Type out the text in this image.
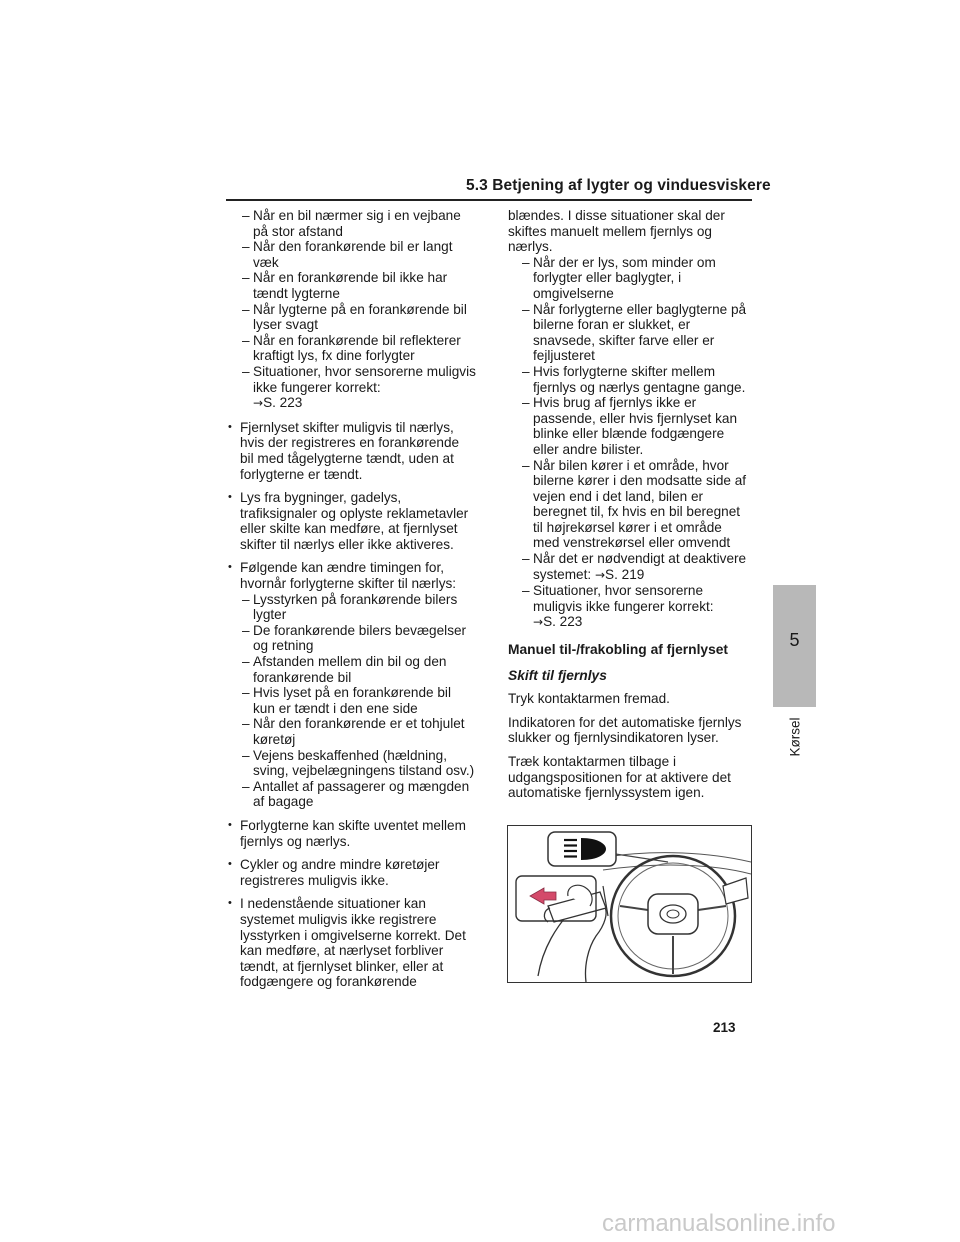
5.3 Betjening af lygter og vinduesviskere
– Når en bil nærmer sig i en vejbane på stor afstand
– Når den forankørende bil er langt væk
– Når en forankørende bil ikke har tændt lygterne
– Når lygterne på en forankørende bil lyser svagt
– Når en forankørende bil reflekterer kraftigt lys, fx dine forlygter
– Situationer, hvor sensorerne muligvis ikke fungerer korrekt:
→S. 223
• Fjernlyset skifter muligvis til nærlys, hvis der registreres en forankørende bil med tågelygterne tændt, uden at forlygterne er tændt.
• Lys fra bygninger, gadelys, trafiksignaler og oplyste reklametavler eller skilte kan medføre, at fjernlyset skifter til nærlys eller ikke aktiveres.
• Følgende kan ændre timingen for, hvornår forlygterne skifter til nærlys:
– Lysstyrken på forankørende bilers lygter
– De forankørende bilers bevægelser og retning
– Afstanden mellem din bil og den forankørende bil
– Hvis lyset på en forankørende bil kun er tændt i den ene side
– Når den forankørende er et tohjulet køretøj
– Vejens beskaffenhed (hældning, sving, vejbelægningens tilstand osv.)
– Antallet af passagerer og mængden af bagage
• Forlygterne kan skifte uventet mellem fjernlys og nærlys.
• Cykler og andre mindre køretøjer registreres muligvis ikke.
• I nedenstående situationer kan systemet muligvis ikke registrere lysstyrken i omgivelserne korrekt. Det kan medføre, at nærlyset forbliver tændt, at fjernlyset blinker, eller at fodgængere og forankørende
blændes. I disse situationer skal der skiftes manuelt mellem fjernlys og nærlys.
– Når der er lys, som minder om forlygter eller baglygter, i omgivelserne
– Når forlygterne eller baglygterne på bilerne foran er slukket, er snavsede, skifter farve eller er fejljusteret
– Hvis forlygterne skifter mellem fjernlys og nærlys gentagne gange.
– Hvis brug af fjernlys ikke er passende, eller hvis fjernlyset kan blinke eller blænde fodgængere eller andre bilister.
– Når bilen kører i et område, hvor bilerne kører i den modsatte side af vejen end i det land, bilen er beregnet til, fx hvis en bil beregnet til højrekørsel kører i et område med venstrekørsel eller omvendt
– Når det er nødvendigt at deaktivere systemet: →S. 219
– Situationer, hvor sensorerne muligvis ikke fungerer korrekt:
→S. 223
Manuel til-/frakobling af fjernlyset
Skift til fjernlys
Tryk kontaktarmen fremad.
Indikatoren for det automatiske fjernlys slukker og fjernlysindikatoren lyser.
Træk kontaktarmen tilbage i udgangspositionen for at aktivere det automatiske fjernlyssystem igen.
5
Kørsel
213
carmanualsonline.info
